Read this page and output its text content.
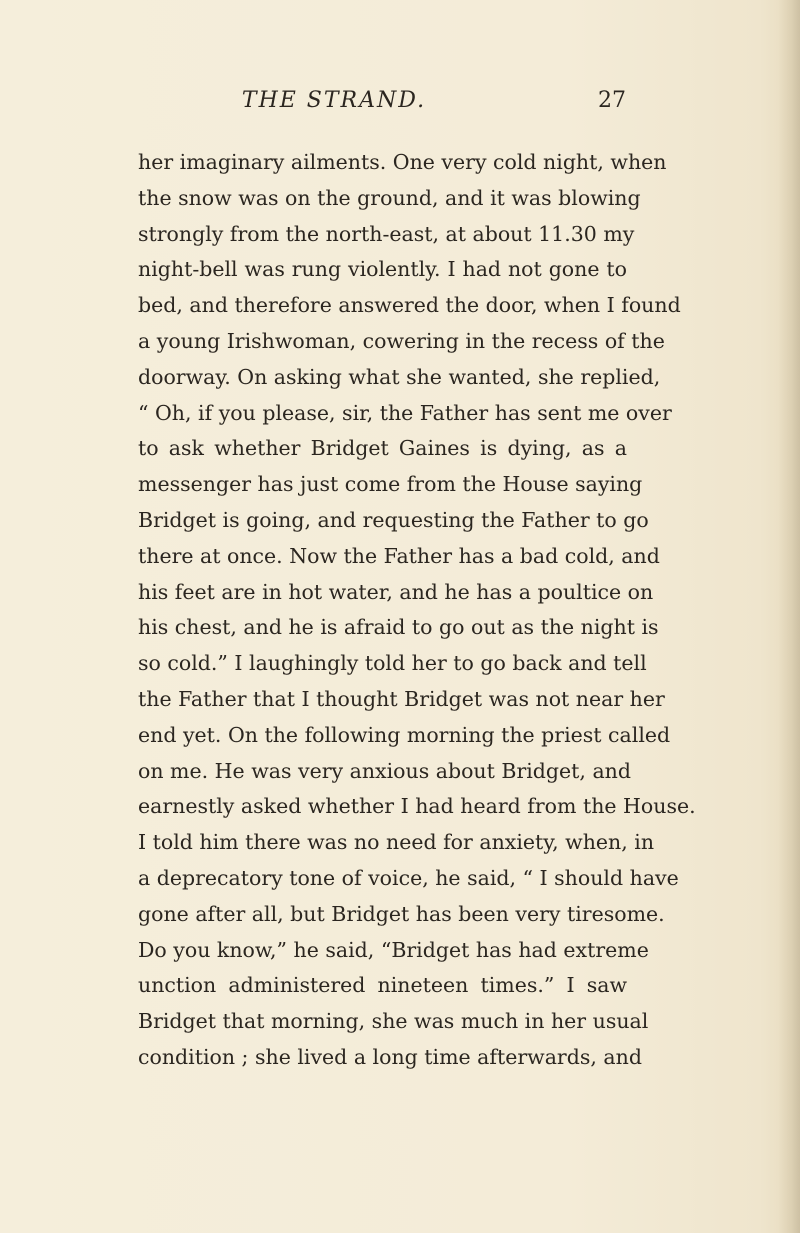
THE STRAND.	27
her imaginary ailments. One very cold night, when
the snow was on the ground, and it was blowing
strongly from the north-east, at about 11.30 my
night-bell was rung violently. I had not gone to
bed, and therefore answered the door, when I found
a young Irishwoman, cowering in the recess of the
doorway. On asking what she wanted, she replied,
“ Oh, if you please, sir, the Father has sent me over
to ask whether Bridget Gaines is dying, as a
messenger has just come from the House saying
Bridget is going, and requesting the Father to go
there at once. Now the Father has a bad cold, and
his feet are in hot water, and he has a poultice on
his chest, and he is afraid to go out as the night is
so cold.” I laughingly told her to go back and tell
the Father that I thought Bridget was not near her
end yet. On the following morning the priest called
on me. He was very anxious about Bridget, and
earnestly asked whether I had heard from the House.
I told him there was no need for anxiety, when, in
a deprecatory tone of voice, he said, “ I should have
gone after all, but Bridget has been very tiresome.
Do you know,” he said, “Bridget has had extreme
unction administered nineteen times.” I saw
Bridget that morning, she was much in her usual
condition ; she lived a long time afterwards, and
